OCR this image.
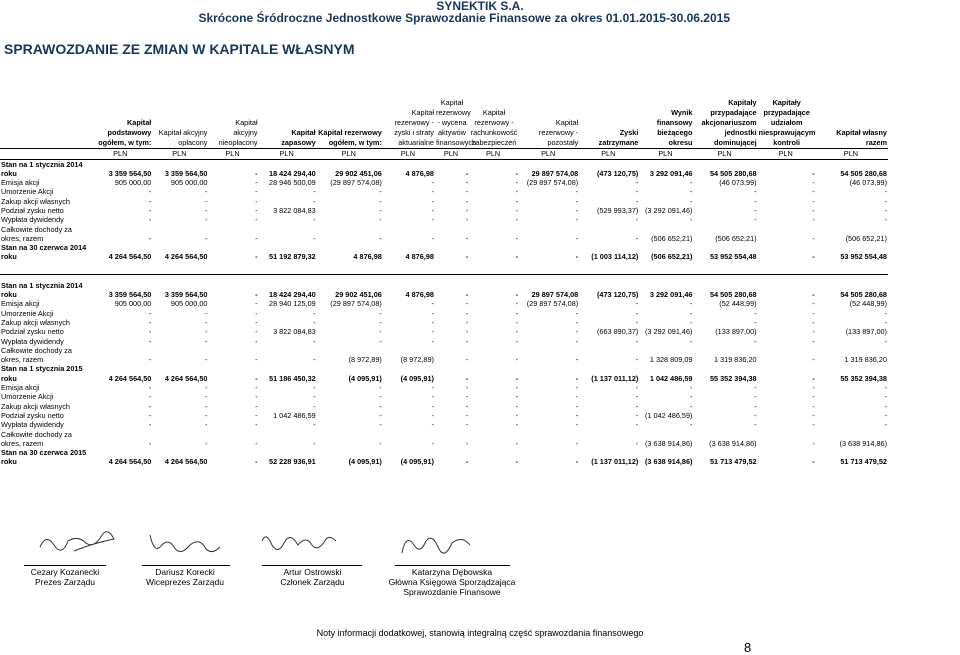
SYNEKTIK S.A.
Skrócone Śródroczne Jednostkowe Sprawozdanie Finansowe za okres 01.01.2015-30.06.2015
SPRAWOZDANIE ZE ZMIAN W KAPITALE WŁASNYM
	Kapitał podstawowy ogółem, w tym:	Kapitał akcyjny opłacony	Kapitał akcyjny nieopłacony	Kapitał zapasowy	Kapitał rezerwowy ogółem, w tym:	Kapitał rezerwowy - zyski i straty aktuarialne	Kapitał rezerwowy - wycena aktywów finansowych	Kapitał rezerwowy - rachunkowość zabezpieczeń	Kapitał rezerwowy - pozostały	Zyski zatrzymane	Wynik finansowy bieżącego okresu	Kapitały przypadające akcjonariuszom jednostki dominującej	Kapitały przypadające udziałom niesprawującym kontroli	Kapitał własny razem
	PLN	PLN	PLN	PLN	PLN	PLN	PLN	PLN	PLN	PLN	PLN	PLN	PLN	PLN
Stan na 1 stycznia 2014														
roku	3 359 564,50	3 359 564,50	-	18 424 294,40	29 902 451,06	4 876,98	-	-	29 897 574,08	(473 120,75)	3 292 091,46	54 505 280,68	-	54 505 280,68
Emisja akcji	905 000,00	905 000,00	-	28 946 500,09	(29 897 574,08)	-	-	-	(29 897 574,08)	-	-	(46 073,99)	-	(46 073,99)
Umorzenie Akcji	-	-	-	-	-	-	-	-	-	-	-	-	-	-
Zakup akcji własnych	-	-	-	-	-	-	-	-	-	-	-	-	-	-
Podział zysku netto	-	-	-	3 822 084,83	-	-	-	-	-	(529 993,37)	(3 292 091,46)	-	-	-
Wypłata dywidendy	-	-	-	-	-	-	-	-	-	-	-	-	-	-
Całkowite dochody za														
okres, razem	-	-	-	-	-	-	-	-	-	-	(506 652,21)	(506 652,21)	-	(506 652,21)
Stan na 30 czerwca 2014														
roku	4 264 564,50	4 264 564,50	-	51 192 879,32	4 876,98	4 876,98	-	-	-	(1 003 114,12)	(506 652,21)	53 952 554,48	-	53 952 554,48

Stan na 1 stycznia 2014														
roku	3 359 564,50	3 359 564,50	-	18 424 294,40	29 902 451,06	4 876,98	-	-	29 897 574,08	(473 120,75)	3 292 091,46	54 505 280,68	-	54 505 280,68
Emisja akcji	905 000,00	905 000,00	-	28 940 125,09	(29 897 574,08)	-	-	-	(29 897 574,08)	-	-	(52 448,99)	-	(52 448,99)
Umorzenie Akcji	-	-	-	-	-	-	-	-	-	-	-	-	-	-
Zakup akcji własnych	-	-	-	-	-	-	-	-	-	-	-	-	-	-
Podział zysku netto	-	-	-	3 822 084,83	-	-	-	-	-	(663 890,37)	(3 292 091,46)	(133 897,00)	-	(133 897,00)
Wypłata dywidendy	-	-	-	-	-	-	-	-	-	-	-	-	-	-
Całkowite dochody za														
okres, razem	-	-	-	-	(8 972,89)	(8 972,89)	-	-	-	-	1 328 809,09	1 319 836,20	-	1 319 836,20
Stan na 1 stycznia 2015														
roku	4 264 564,50	4 264 564,50	-	51 186 450,32	(4 095,91)	(4 095,91)	-	-	-	(1 137 011,12)	1 042 486,59	55 352 394,38	-	55 352 394,38
Emisja akcji	-	-	-	-	-	-	-	-	-	-	-	-	-	-
Umorzenie Akcji	-	-	-	-	-	-	-	-	-	-	-	-	-	-
Zakup akcji własnych	-	-	-	-	-	-	-	-	-	-	-	-	-	-
Podział zysku netto	-	-	-	1 042 486,59	-	-	-	-	-	-	(1 042 486,59)	-	-	-
Wypłata dywidendy	-	-	-	-	-	-	-	-	-	-	-	-	-	-
Całkowite dochody za														
okres, razem	-	-	-	-	-	-	-	-	-	-	(3 638 914,86)	(3 638 914,86)	-	(3 638 914,86)
Stan na 30 czerwca 2015														
roku	4 264 564,50	4 264 564,50	-	52 228 936,91	(4 095,91)	(4 095,91)	-	-	-	(1 137 011,12)	(3 638 914,86)	51 713 479,52	-	51 713 479,52
Cezary Kozanecki
Prezes Zarządu
Dariusz Korecki
Wiceprezes Zarządu
Artur Ostrowski
Członek Zarządu
Katarzyna Dębowska
Główna Księgowa Sporządzająca Sprawozdanie Finansowe
Noty informacji dodatkowej, stanowią integralną część sprawozdania finansowego
8
